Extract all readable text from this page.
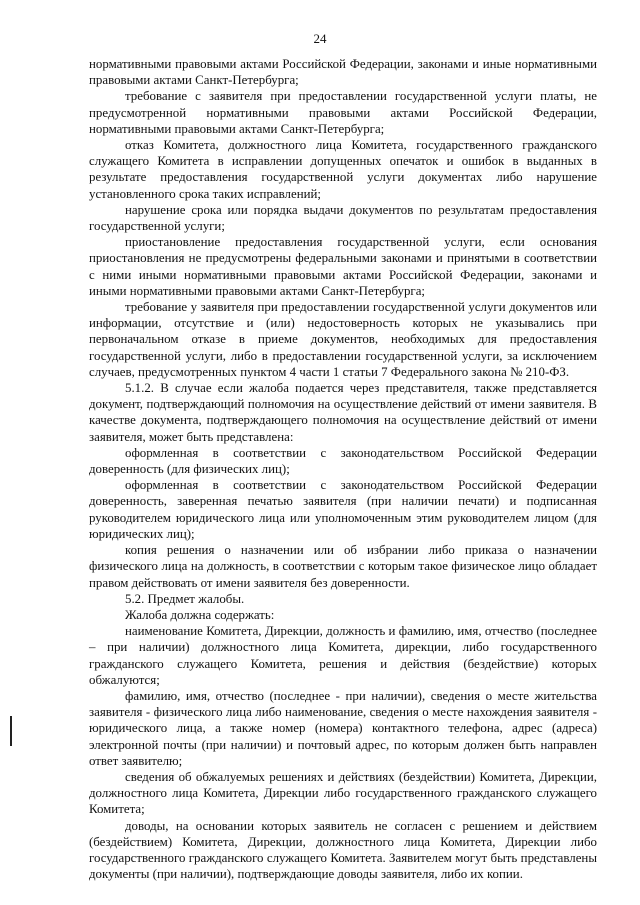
24

нормативными правовыми актами Российской Федерации, законами и иные нормативными правовыми актами Санкт-Петербурга;

требование с заявителя при предоставлении государственной услуги платы, не предусмотренной нормативными правовыми актами Российской Федерации, нормативными правовыми актами Санкт-Петербурга;

отказ Комитета, должностного лица Комитета, государственного гражданского служащего Комитета в исправлении допущенных опечаток и ошибок в выданных в результате предоставления государственной услуги документах либо нарушение установленного срока таких исправлений;

нарушение срока или порядка выдачи документов по результатам предоставления государственной услуги;

приостановление предоставления государственной услуги, если основания приостановления не предусмотрены федеральными законами и принятыми в соответствии с ними иными нормативными правовыми актами Российской Федерации, законами и иными нормативными правовыми актами Санкт-Петербурга;

требование у заявителя при предоставлении государственной услуги документов или информации, отсутствие и (или) недостоверность которых не указывались при первоначальном отказе в приеме документов, необходимых для предоставления государственной услуги, либо в предоставлении государственной услуги, за исключением случаев, предусмотренных пунктом 4 части 1 статьи 7 Федерального закона № 210-ФЗ.

5.1.2. В случае если жалоба подается через представителя, также представляется документ, подтверждающий полномочия на осуществление действий от имени заявителя. В качестве документа, подтверждающего полномочия на осуществление действий от имени заявителя, может быть представлена:

оформленная в соответствии с законодательством Российской Федерации доверенность (для физических лиц);

оформленная в соответствии с законодательством Российской Федерации доверенность, заверенная печатью заявителя (при наличии печати) и подписанная руководителем юридического лица или уполномоченным этим руководителем лицом (для юридических лиц);

копия решения о назначении или об избрании либо приказа о назначении физического лица на должность, в соответствии с которым такое физическое лицо обладает правом действовать от имени заявителя без доверенности.

5.2. Предмет жалобы.

Жалоба должна содержать:

наименование Комитета, Дирекции, должность и фамилию, имя, отчество (последнее – при наличии) должностного лица Комитета, дирекции, либо государственного гражданского служащего Комитета, решения и действия (бездействие) которых обжалуются;

фамилию, имя, отчество (последнее - при наличии), сведения о месте жительства заявителя - физического лица либо наименование, сведения о месте нахождения заявителя - юридического лица, а также номер (номера) контактного телефона, адрес (адреса) электронной почты (при наличии) и почтовый адрес, по которым должен быть направлен ответ заявителю;

сведения об обжалуемых решениях и действиях (бездействии) Комитета, Дирекции, должностного лица Комитета, Дирекции либо государственного гражданского служащего Комитета;

доводы, на основании которых заявитель не согласен с решением и действием (бездействием) Комитета, Дирекции, должностного лица Комитета, Дирекции либо государственного гражданского служащего Комитета. Заявителем могут быть представлены документы (при наличии), подтверждающие доводы заявителя, либо их копии.
